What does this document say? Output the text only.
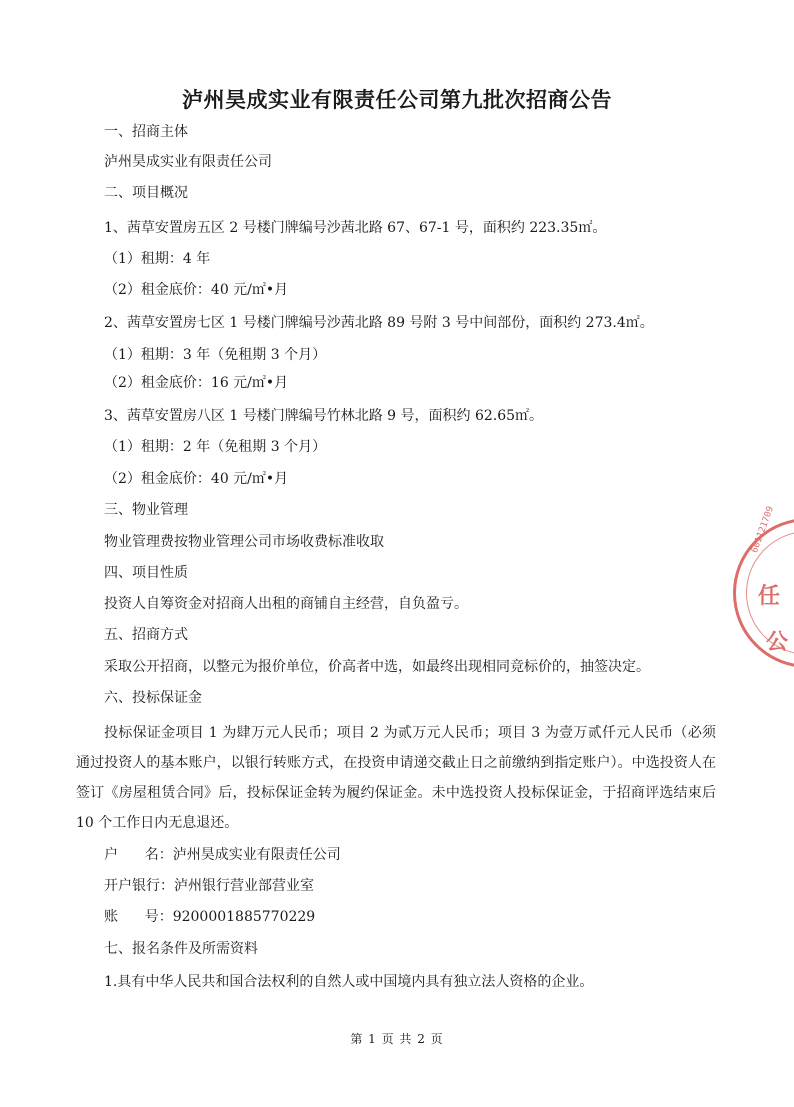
泸州昊成实业有限责任公司第九批次招商公告
一、招商主体
泸州昊成实业有限责任公司
二、项目概况
1、茜草安置房五区 2 号楼门牌编号沙茜北路 67、67-1 号，面积约 223.35㎡。
（1）租期：4 年
（2）租金底价：40 元/㎡•月
2、茜草安置房七区 1 号楼门牌编号沙茜北路 89 号附 3 号中间部份，面积约 273.4㎡。
（1）租期：3 年（免租期 3 个月）
（2）租金底价：16 元/㎡•月
3、茜草安置房八区 1 号楼门牌编号竹林北路 9 号，面积约 62.65㎡。
（1）租期：2 年（免租期 3 个月）
（2）租金底价：40 元/㎡•月
三、物业管理
物业管理费按物业管理公司市场收费标准收取
四、项目性质
投资人自筹资金对招商人出租的商铺自主经营，自负盈亏。
五、招商方式
采取公开招商，以整元为报价单位，价高者中选，如最终出现相同竞标价的，抽签决定。
六、投标保证金
投标保证金项目 1 为肆万元人民币；项目 2 为贰万元人民币；项目 3 为壹万贰仟元人民币（必须通过投资人的基本账户，以银行转账方式，在投资申请递交截止日之前缴纳到指定账户）。中选投资人在签订《房屋租赁合同》后，投标保证金转为履约保证金。未中选投资人投标保证金，于招商评选结束后 10 个工作日内无息退还。
户      名：泸州昊成实业有限责任公司
开户银行：泸州银行营业部营业室
账      号：9200001885770229
七、报名条件及所需资料
1.具有中华人民共和国合法权利的自然人或中国境内具有独立法人资格的企业。
第 1 页 共 2 页
601121709
任
公
